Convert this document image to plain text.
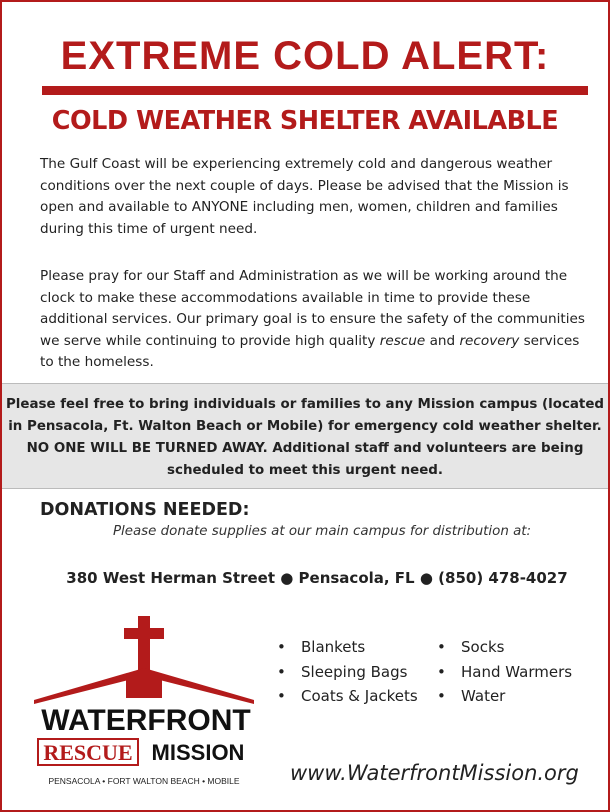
EXTREME COLD ALERT:
COLD WEATHER SHELTER AVAILABLE

The Gulf Coast will be experiencing extremely cold and dangerous weather conditions over the next couple of days. Please be advised that the Mission is open and available to ANYONE including men, women, children and families during this time of urgent need.

Please pray for our Staff and Administration as we will be working around the clock to make these accommodations available in time to provide these additional services. Our primary goal is to ensure the safety of the communities we serve while continuing to provide high quality rescue and recovery services to the homeless.

Please feel free to bring individuals or families to any Mission campus (located
in Pensacola, Ft. Walton Beach or Mobile) for emergency cold weather shelter.
NO ONE WILL BE TURNED AWAY. Additional staff and volunteers are being
scheduled to meet this urgent need.
DONATIONS NEEDED:
Please donate supplies at our main campus for distribution at:
380 West Herman Street ● Pensacola, FL ● (850) 478-4027
WATERFRONT
RESCUE MISSION
PENSACOLA • FORT WALTON BEACH • MOBILE
• Blankets
• Sleeping Bags
• Coats & Jackets
• Socks
• Hand Warmers
• Water
www.WaterfrontMission.org
